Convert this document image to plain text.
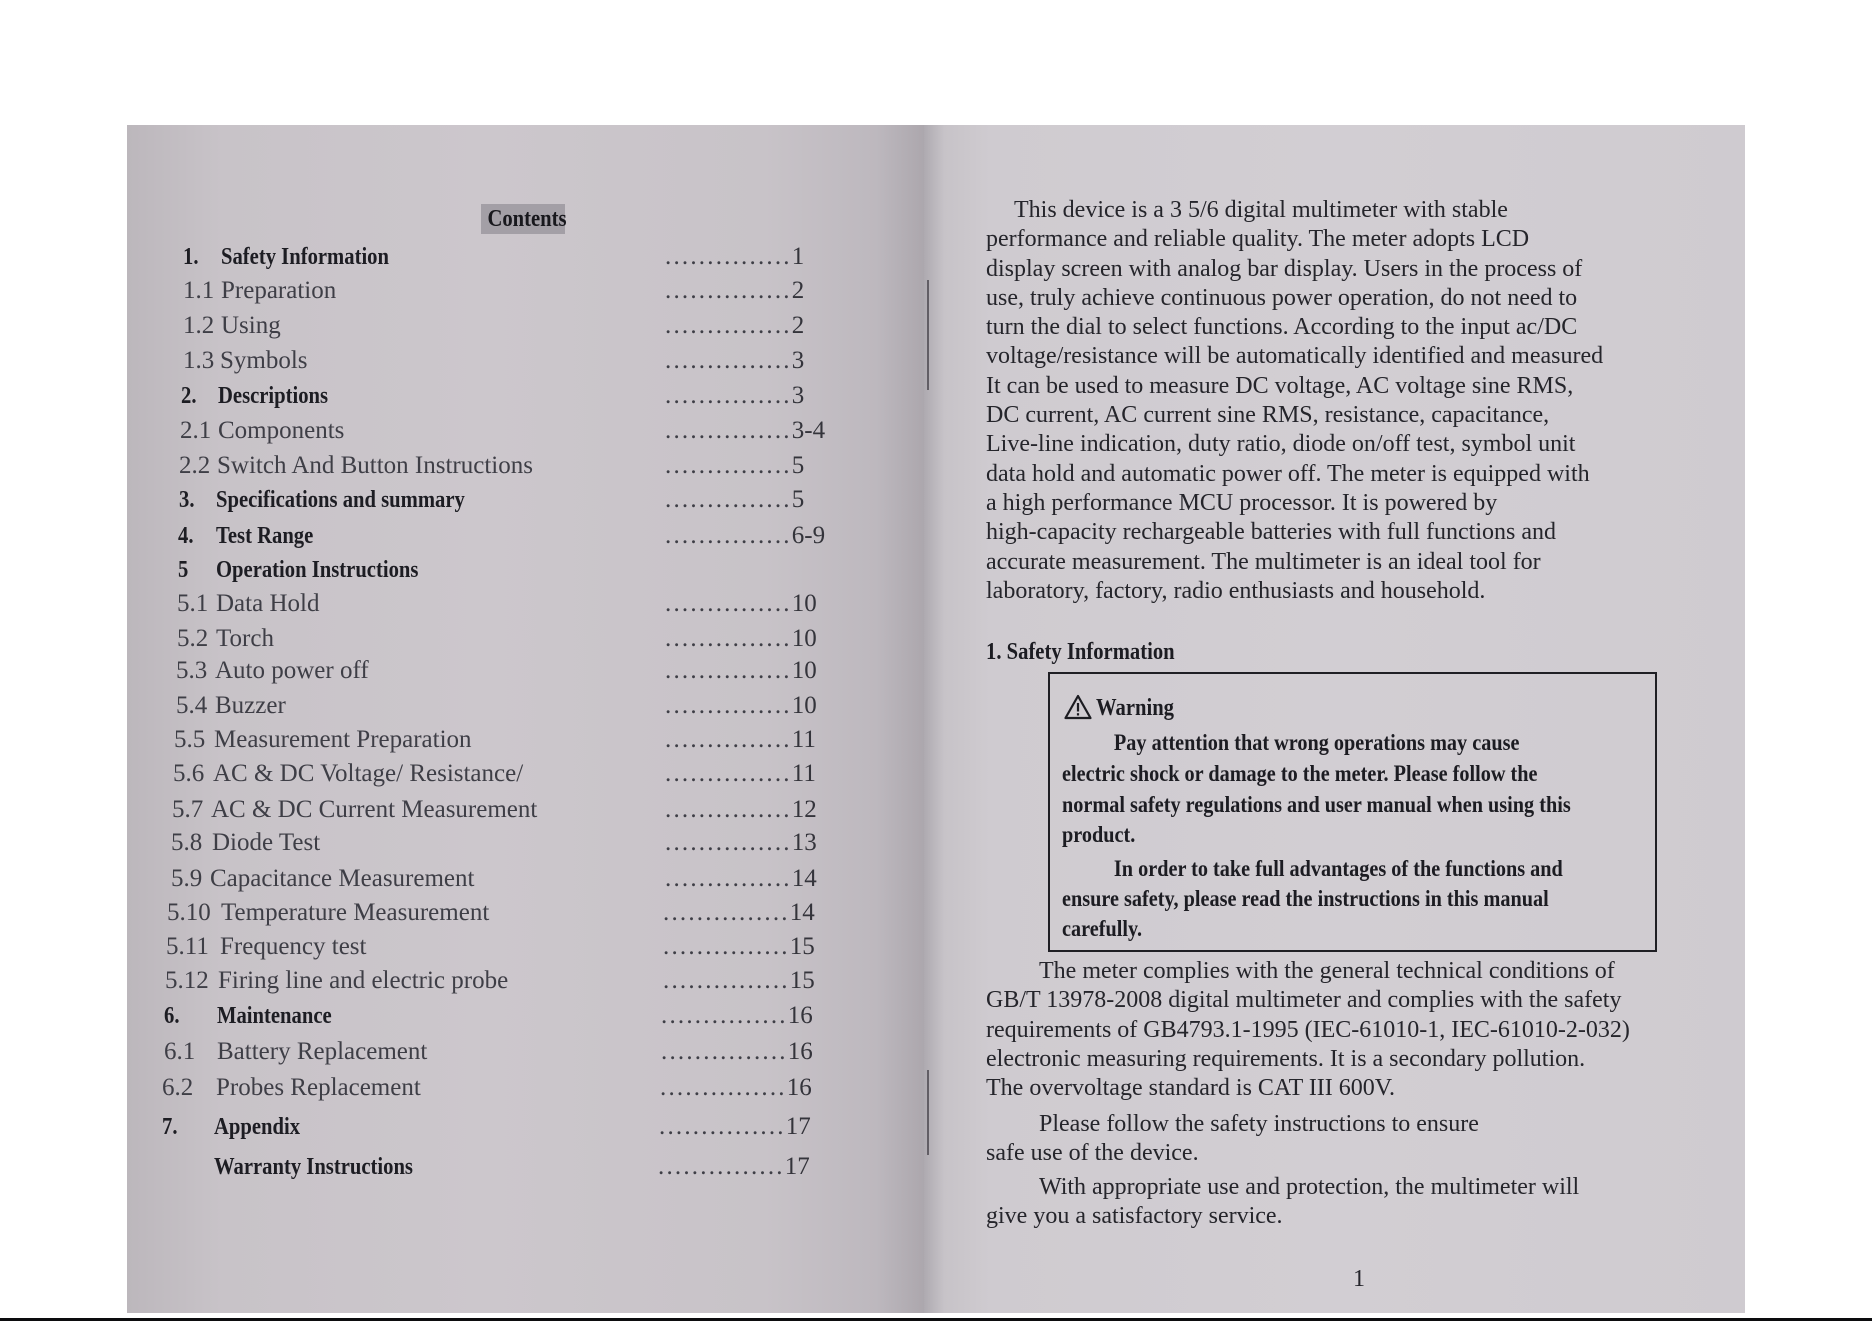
Contents
1. Safety Information	...............1
1.1 Preparation	...............2
1.2 Using	...............2
1.3 Symbols	...............3
2. Descriptions	...............3
2.1 Components	...............3-4
2.2 Switch And Button Instructions	...............5
3. Specifications and summary	...............5
4. Test Range	...............6-9
5 Operation Instructions
5.1 Data Hold	...............10
5.2 Torch	...............10
5.3 Auto power off	...............10
5.4 Buzzer	...............10
5.5 Measurement Preparation	...............11
5.6 AC & DC Voltage/ Resistance/	...............11
5.7 AC & DC Current Measurement	...............12
5.8 Diode Test	...............13
5.9 Capacitance Measurement	...............14
5.10 Temperature Measurement	...............14
5.11 Frequency test	...............15
5.12 Firing line and electric probe	...............15
6. Maintenance	...............16
6.1 Battery Replacement	...............16
6.2 Probes Replacement	...............16
7. Appendix	...............17
Warranty Instructions	...............17
This device is a 3 5/6 digital multimeter with stable
performance and reliable quality. The meter adopts LCD
display screen with analog bar display. Users in the process of
use, truly achieve continuous power operation, do not need to
turn the dial to select functions. According to the input ac/DC
voltage/resistance will be automatically identified and measured
It can be used to measure DC voltage, AC voltage sine RMS,
DC current, AC current sine RMS, resistance, capacitance,
Live-line indication, duty ratio, diode on/off test, symbol unit
data hold and automatic power off. The meter is equipped with
a high performance MCU processor. It is powered by
high-capacity rechargeable batteries with full functions and
accurate measurement. The multimeter is an ideal tool for
laboratory, factory, radio enthusiasts and household.
1. Safety Information
Warning
Pay attention that wrong operations may cause
electric shock or damage to the meter. Please follow the
normal safety regulations and user manual when using this
product.
In order to take full advantages of the functions and
ensure safety, please read the instructions in this manual
carefully.
The meter complies with the general technical conditions of
GB/T 13978-2008 digital multimeter and complies with the safety
requirements of GB4793.1-1995 (IEC-61010-1, IEC-61010-2-032)
electronic measuring requirements. It is a secondary pollution.
The overvoltage standard is CAT III 600V.
Please follow the safety instructions to ensure
safe use of the device.
With appropriate use and protection, the multimeter will
give you a satisfactory service.
1
